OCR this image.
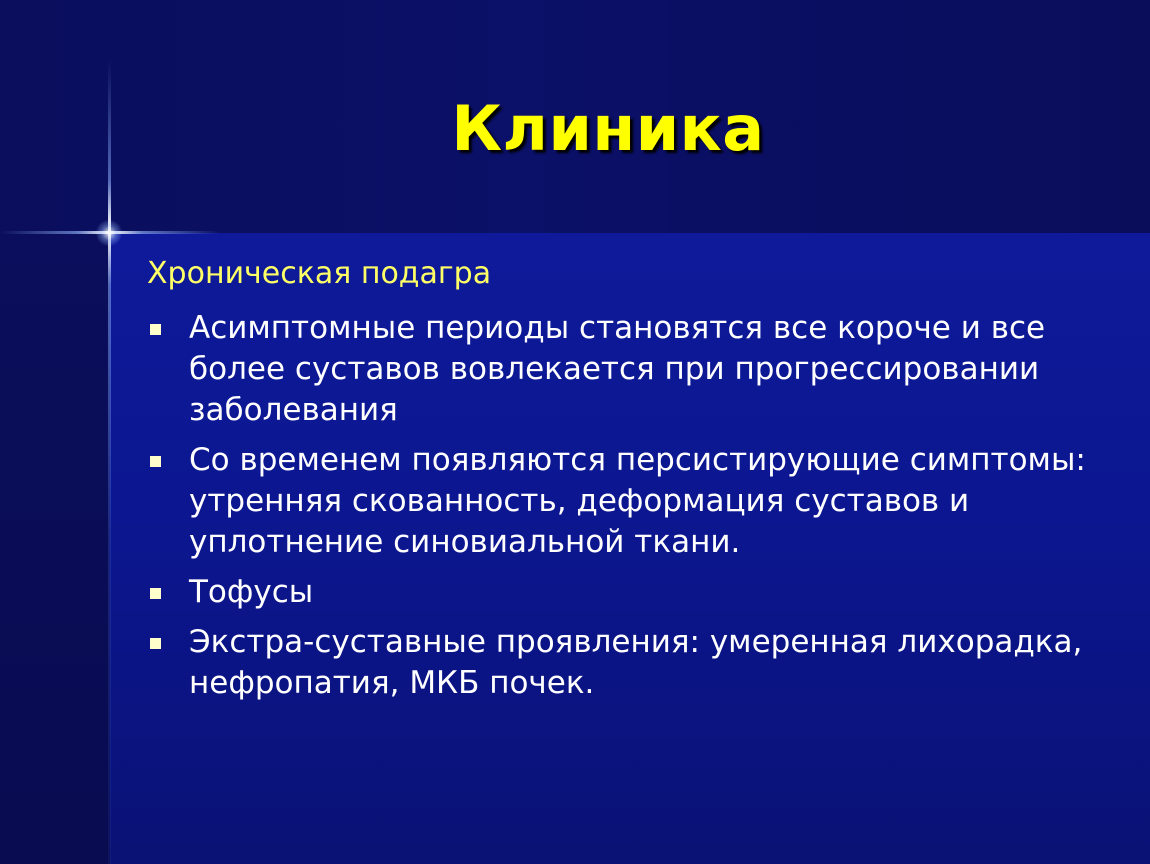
Клиника
Хроническая подагра
Асимптомные периоды становятся все короче и все более суставов вовлекается при прогрессировании заболевания
Со временем появляются персистирующие симптомы: утренняя скованность, деформация суставов и уплотнение синовиальной ткани.
Тофусы
Экстра-суставные проявления: умеренная лихорадка, нефропатия, МКБ почек.
